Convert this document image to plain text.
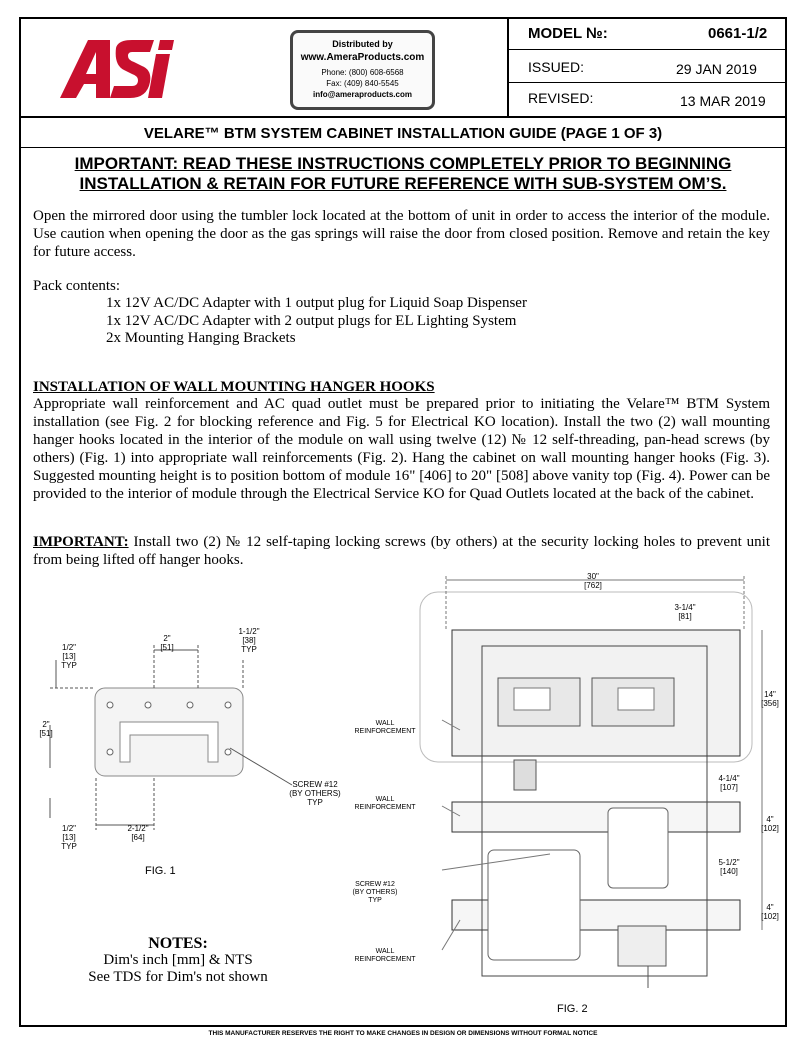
Distributed by
www.AmeraProducts.com
Phone: (800) 608-6568
Fax: (409) 840-5545
info@ameraproducts.com
MODEL №:	0661-1/2
ISSUED:	29 JAN 2019
REVISED:	13 MAR 2019
VELARE™ BTM SYSTEM CABINET INSTALLATION GUIDE (PAGE 1 OF 3)
IMPORTANT: READ THESE INSTRUCTIONS COMPLETELY PRIOR TO BEGINNING
INSTALLATION & RETAIN FOR FUTURE REFERENCE WITH SUB-SYSTEM OM’S.
Open the mirrored door using the tumbler lock located at the bottom of unit in order to access the interior of the module. Use caution when opening the door as the gas springs will raise the door from closed position. Remove and retain the key for future access.
Pack contents:
1x 12V AC/DC Adapter with 1 output plug for Liquid Soap Dispenser
1x 12V AC/DC Adapter with 2 output plugs for EL Lighting System
2x Mounting Hanging Brackets
INSTALLATION OF WALL MOUNTING HANGER HOOKS
Appropriate wall reinforcement and AC quad outlet must be prepared prior to initiating the Velare™ BTM System installation (see Fig. 2 for blocking reference and Fig. 5 for Electrical KO location). Install the two (2) wall mounting hanger hooks located in the interior of the module on wall using twelve (12) № 12 self-threading, pan-head screws (by others) (Fig. 1) into appropriate wall reinforcements (Fig. 2). Hang the cabinet on wall mounting hanger hooks (Fig. 3). Suggested mounting height is to position bottom of module 16" [406] to 20" [508] above vanity top (Fig. 4). Power can be provided to the interior of module through the Electrical Service KO for Quad Outlets located at the back of the cabinet.
IMPORTANT: Install two (2) № 12 self-taping locking screws (by others) at the security locking holes to prevent unit from being lifted off hanger hooks.
1/2"
[13]
TYP
2"
[51]
1-1/2"
[38]
TYP
2"
[51]
1/2"
[13]
TYP
2-1/2"
[64]
SCREW #12
(BY OTHERS)
TYP
FIG. 1
NOTES:
Dim's inch [mm] & NTS
See TDS for Dim's not shown
30"
[762]
3-1/4"
[81]
14"
[356]
4-1/4"
[107]
4"
[102]
5-1/2"
[140]
4"
[102]
WALL
REINFORCEMENT
WALL
REINFORCEMENT
SCREW #12
(BY OTHERS)
TYP
WALL
REINFORCEMENT
FIG. 2
THIS MANUFACTURER RESERVES THE RIGHT TO MAKE CHANGES IN DESIGN OR DIMENSIONS WITHOUT FORMAL NOTICE
